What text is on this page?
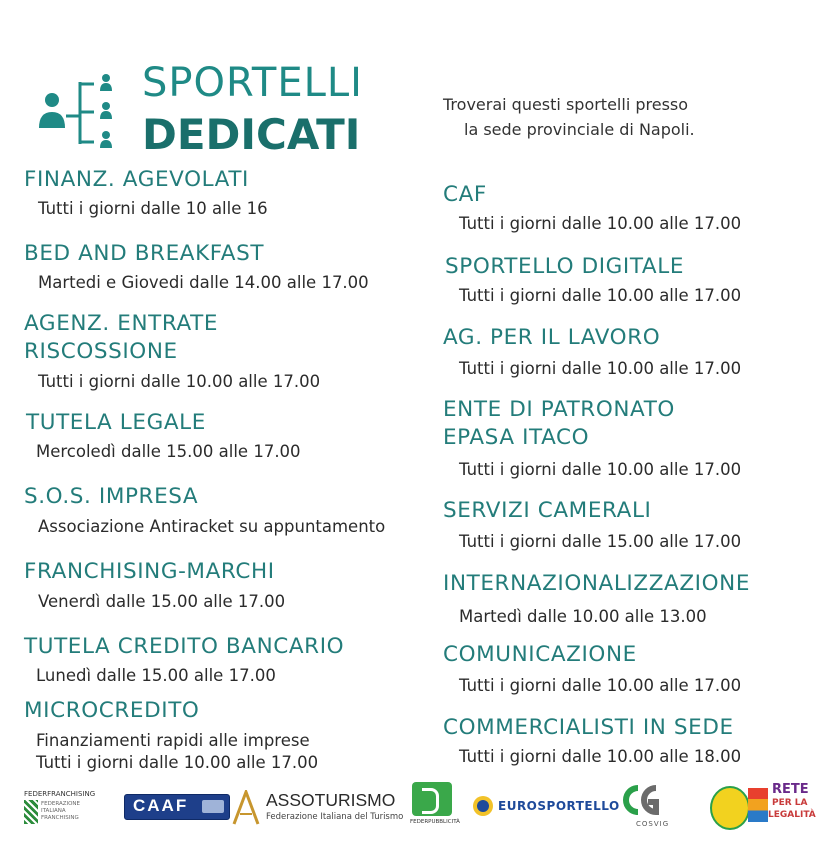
SPORTELLI
DEDICATI
Troverai questi sportelli presso
la sede provinciale di Napoli.
FINANZ. AGEVOLATI
Tutti i giorni dalle 10 alle 16
BED AND BREAKFAST
Martedi e Giovedi dalle 14.00 alle 17.00
AGENZ. ENTRATE
RISCOSSIONE
Tutti i giorni dalle 10.00 alle 17.00
TUTELA LEGALE
Mercoledì dalle 15.00 alle 17.00
S.O.S. IMPRESA
Associazione Antiracket su appuntamento
FRANCHISING-MARCHI
Venerdì dalle 15.00 alle 17.00
TUTELA CREDITO BANCARIO
Lunedì dalle 15.00 alle 17.00
MICROCREDITO
Finanziamenti rapidi alle imprese
Tutti i giorni dalle 10.00 alle 17.00
CAF
Tutti i giorni dalle 10.00 alle 17.00
SPORTELLO DIGITALE
Tutti i giorni dalle 10.00 alle 17.00
AG. PER IL LAVORO
Tutti i giorni dalle 10.00 alle 17.00
ENTE DI PATRONATO
EPASA ITACO
Tutti i giorni dalle 10.00 alle 17.00
SERVIZI CAMERALI
Tutti i giorni dalle 15.00 alle 17.00
INTERNAZIONALIZZAZIONE
Martedì dalle 10.00 alle 13.00
COMUNICAZIONE
Tutti i giorni dalle 10.00 alle 17.00
COMMERCIALISTI IN SEDE
Tutti i giorni dalle 10.00 alle 18.00
FEDERFRANCHISING
FEDERAZIONE ITALIANA FRANCHISING
CAAF	ASSOTURISMO
Federazione Italiana del Turismo FEDERPUBBLICITÀ
EUROSPORTELLO
COSVIG
RETE
PER LA
LEGALITÀ
